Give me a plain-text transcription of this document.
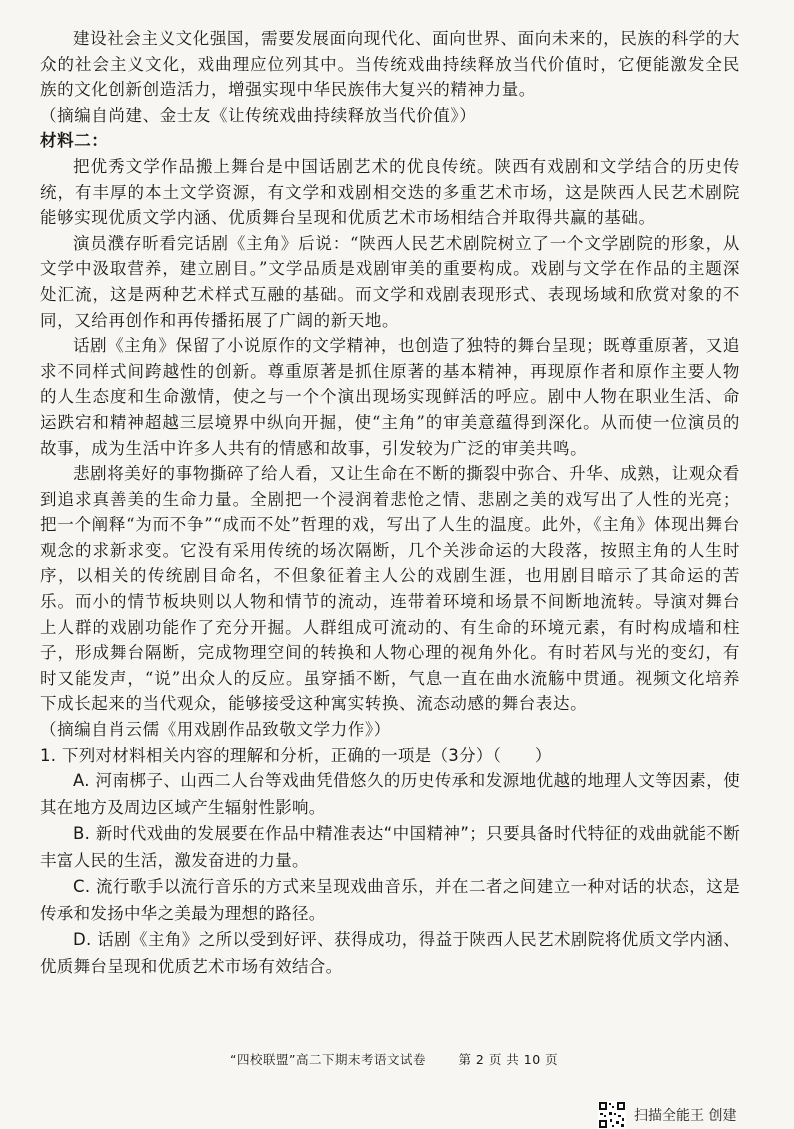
建设社会主义文化强国，需要发展面向现代化、面向世界、面向未来的，民族的科学的大众的社会主义文化，戏曲理应位列其中。当传统戏曲持续释放当代价值时，它便能激发全民族的文化创新创造活力，增强实现中华民族伟大复兴的精神力量。

（摘编自尚建、金士友《让传统戏曲持续释放当代价值》）

材料二：

把优秀文学作品搬上舞台是中国话剧艺术的优良传统。陕西有戏剧和文学结合的历史传统，有丰厚的本土文学资源，有文学和戏剧相交迭的多重艺术市场，这是陕西人民艺术剧院能够实现优质文学内涵、优质舞台呈现和优质艺术市场相结合并取得共赢的基础。

演员濮存昕看完话剧《主角》后说：“陕西人民艺术剧院树立了一个文学剧院的形象，从文学中汲取营养，建立剧目。”文学品质是戏剧审美的重要构成。戏剧与文学在作品的主题深处汇流，这是两种艺术样式互融的基础。而文学和戏剧表现形式、表现场域和欣赏对象的不同，又给再创作和再传播拓展了广阔的新天地。

话剧《主角》保留了小说原作的文学精神，也创造了独特的舞台呈现；既尊重原著，又追求不同样式间跨越性的创新。尊重原著是抓住原著的基本精神，再现原作者和原作主要人物的人生态度和生命激情，使之与一个个演出现场实现鲜活的呼应。剧中人物在职业生活、命运跌宕和精神超越三层境界中纵向开掘，使“主角”的审美意蕴得到深化。从而使一位演员的故事，成为生活中许多人共有的情感和故事，引发较为广泛的审美共鸣。

悲剧将美好的事物撕碎了给人看，又让生命在不断的撕裂中弥合、升华、成熟，让观众看到追求真善美的生命力量。全剧把一个浸润着悲怆之情、悲剧之美的戏写出了人性的光亮；把一个阐释“为而不争”“成而不处”哲理的戏，写出了人生的温度。此外，《主角》体现出舞台观念的求新求变。它没有采用传统的场次隔断，几个关涉命运的大段落，按照主角的人生时序，以相关的传统剧目命名，不但象征着主人公的戏剧生涯，也用剧目暗示了其命运的苦乐。而小的情节板块则以人物和情节的流动，连带着环境和场景不间断地流转。导演对舞台上人群的戏剧功能作了充分开掘。人群组成可流动的、有生命的环境元素，有时构成墙和柱子，形成舞台隔断，完成物理空间的转换和人物心理的视角外化。有时若风与光的变幻，有时又能发声，“说”出众人的反应。虽穿插不断，气息一直在曲水流觞中贯通。视频文化培养下成长起来的当代观众，能够接受这种寓实转换、流态动感的舞台表达。

（摘编自肖云儒《用戏剧作品致敬文学力作》）

1. 下列对材料相关内容的理解和分析，正确的一项是（3分）（　　）

A. 河南梆子、山西二人台等戏曲凭借悠久的历史传承和发源地优越的地理人文等因素，使其在地方及周边区域产生辐射性影响。

B. 新时代戏曲的发展要在作品中精准表达“中国精神”；只要具备时代特征的戏曲就能不断丰富人民的生活，激发奋进的力量。

C. 流行歌手以流行音乐的方式来呈现戏曲音乐，并在二者之间建立一种对话的状态，这是传承和发扬中华之美最为理想的路径。

D. 话剧《主角》之所以受到好评、获得成功，得益于陕西人民艺术剧院将优质文学内涵、优质舞台呈现和优质艺术市场有效结合。

“四校联盟”高二下期末考语文试卷	第 2 页 共 10 页
扫描全能王 创建
